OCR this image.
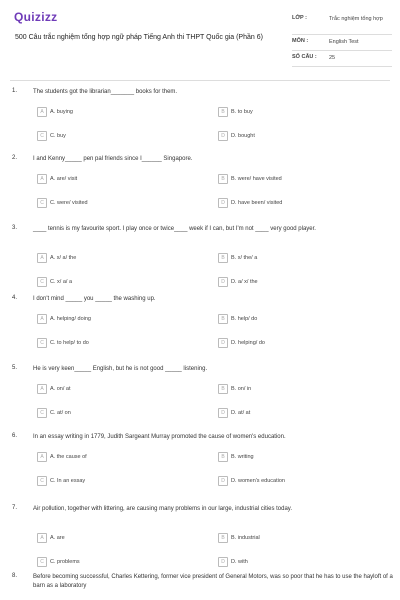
Quizizz
500 Câu trắc nghiệm tổng hợp ngữ pháp Tiếng Anh thi THPT Quốc gia (Phần 6)
LỚP :	Trắc nghiệm tổng hợp
MÔN :	English Test
SỐ CÂU : 25
1.	The students got the librarian_______ books for them.
A A. buying	B B. to buy
C C. buy	D D. bought
2.	I and Kenny_____ pen pal friends since I______ Singapore.
A A. are/ visit	B B. were/ have visited
C C. were/ visited	D D. have been/ visited
3.	____ tennis is my favourite sport. I play once or twice____ week if I can, but I'm not ____ very good player.
A A. x/ a/ the	B B. x/ the/ a
C C. x/ a/ a	D D. a/ x/ the
4.	I don't mind _____ you _____ the washing up.
A A. helping/ doing	B B. help/ do
C C. to help/ to do	D D. helping/ do
5.	He is very keen_____ English, but he is not good _____ listening.
A A. on/ at	B B. on/ in
C C. at/ on	D D. at/ at
6.	In an essay writing in 1779, Judith Sargeant Murray promoted the cause of women's education.
A A. the cause of	B B. writing
C C. In an essay	D D. women's education
7.	Air pollution, together with littering, are causing many problems in our large, industrial cities today.
A A. are	B B. industrial
C C. problems	D D. with
8.	Before becoming successful, Charles Kettering, former vice president of General Motors, was so poor that he has to use the hayloft of a barn as a laboratory
